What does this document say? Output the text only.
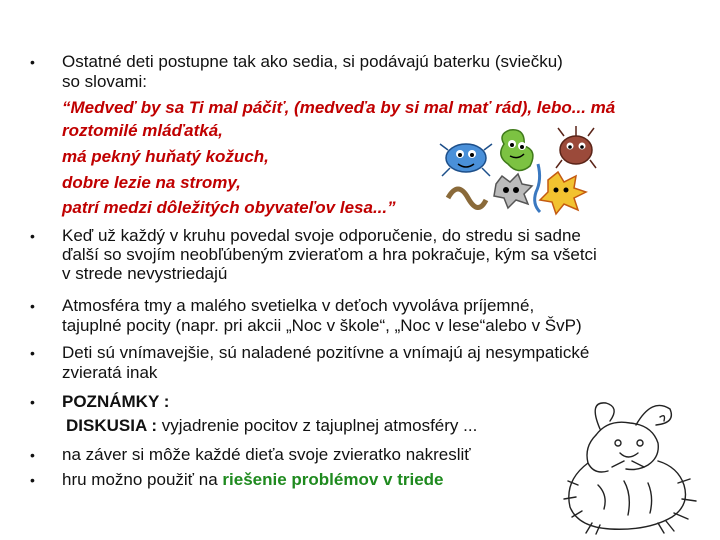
• Ostatné deti postupne tak ako sedia, si podávajú baterku (sviečku)
so slovami:
“Medveď by sa Ti mal páčiť, (medveďa by si mal mať rád), lebo... má
roztomilé mláďatká,
má pekný huňatý kožuch,
dobre lezie na stromy,
patrí medzi dôležitých obyvateľov lesa...”
• Keď už každý v kruhu povedal svoje odporučenie, do stredu si sadne
ďalší so svojím neobľúbeným zvieraťom a hra pokračuje, kým sa všetci
v strede nevystriedajú
• Atmosféra tmy a malého svetielka v deťoch vyvoláva príjemné,
tajuplné pocity (napr. pri akcii „Noc v škole“, „Noc v lese“alebo v ŠvP)
• Deti sú vnímavejšie, sú naladené pozitívne a vnímajú aj nesympatické
zvieratá inak
• POZNÁMKY :
DISKUSIA : vyjadrenie pocitov z tajuplnej atmosféry ...
• na záver si môže každé dieťa svoje zvieratko nakresliť
• hru možno použiť na riešenie problémov v triede
